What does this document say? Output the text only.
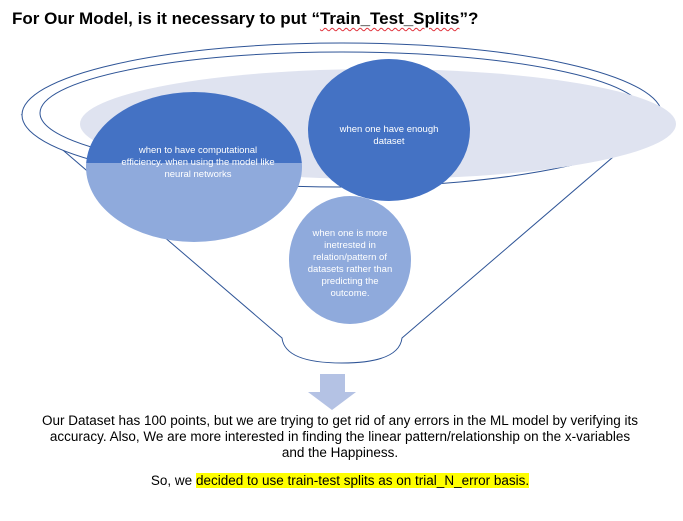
For Our Model, is it necessary to put “Train_Test_Splits”?
when to have computational efficiency. when using the model like neural networks
when one have enough dataset
when one is more inetrested in relation/pattern of datasets rather than predicting the outcome.

Our Dataset has 100 points, but we are trying to get rid of any errors in the ML model by verifying its accuracy. Also, We are more interested in finding the linear pattern/relationship on the x-variables and the Happiness.

So, we decided to use train-test splits as on trial_N_error basis.
